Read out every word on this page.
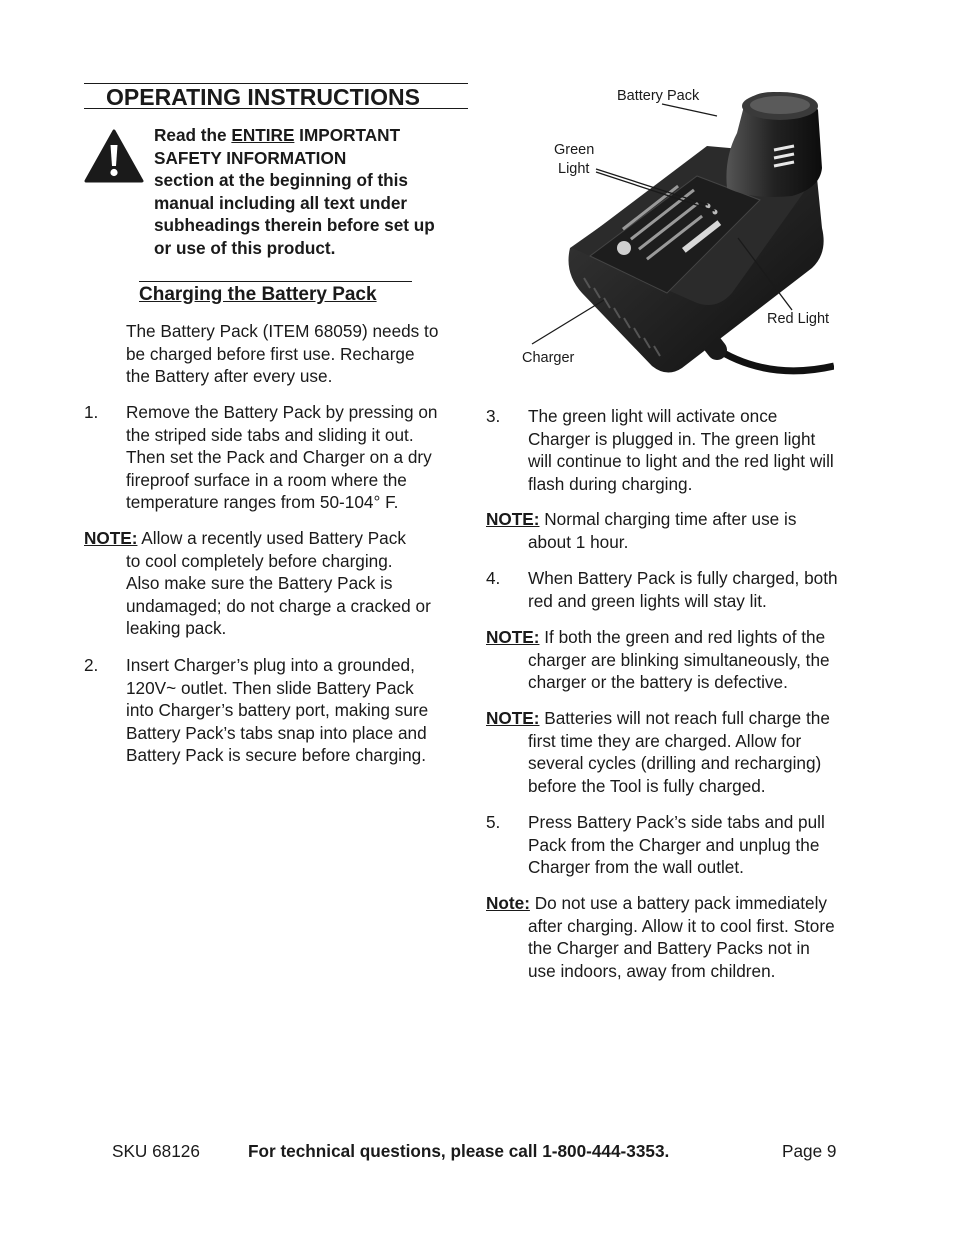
OPERATING INSTRUCTIONS
Read the ENTIRE IMPORTANT
SAFETY INFORMATION
section at the beginning of this
manual including all text under
subheadings therein before set up
or use of this product.
Charging the Battery Pack
The Battery Pack (ITEM 68059) needs to
be charged before first use. Recharge
the Battery after every use.
1. Remove the Battery Pack by pressing on
the striped side tabs and sliding it out.
Then set the Pack and Charger on a dry
fireproof surface in a room where the
temperature ranges from 50-104° F.
NOTE: Allow a recently used Battery Pack
to cool completely before charging.
Also make sure the Battery Pack is
undamaged; do not charge a cracked or
leaking pack.
2. Insert Charger’s plug into a grounded,
120V~ outlet. Then slide Battery Pack
into Charger’s battery port, making sure
Battery Pack’s tabs snap into place and
Battery Pack is secure before charging.
Battery Pack
Green
Light
Red Light
Charger
3. The green light will activate once
Charger is plugged in. The green light
will continue to light and the red light will
flash during charging.
NOTE: Normal charging time after use is
about 1 hour.
4. When Battery Pack is fully charged, both
red and green lights will stay lit.
NOTE: If both the green and red lights of the
charger are blinking simultaneously, the
charger or the battery is defective.
NOTE: Batteries will not reach full charge the
first time they are charged. Allow for
several cycles (drilling and recharging)
before the Tool is fully charged.
5. Press Battery Pack’s side tabs and pull
Pack from the Charger and unplug the
Charger from the wall outlet.
Note: Do not use a battery pack immediately
after charging. Allow it to cool first. Store
the Charger and Battery Packs not in
use indoors, away from children.
SKU 68126	For technical questions, please call 1-800-444-3353.	Page 9
